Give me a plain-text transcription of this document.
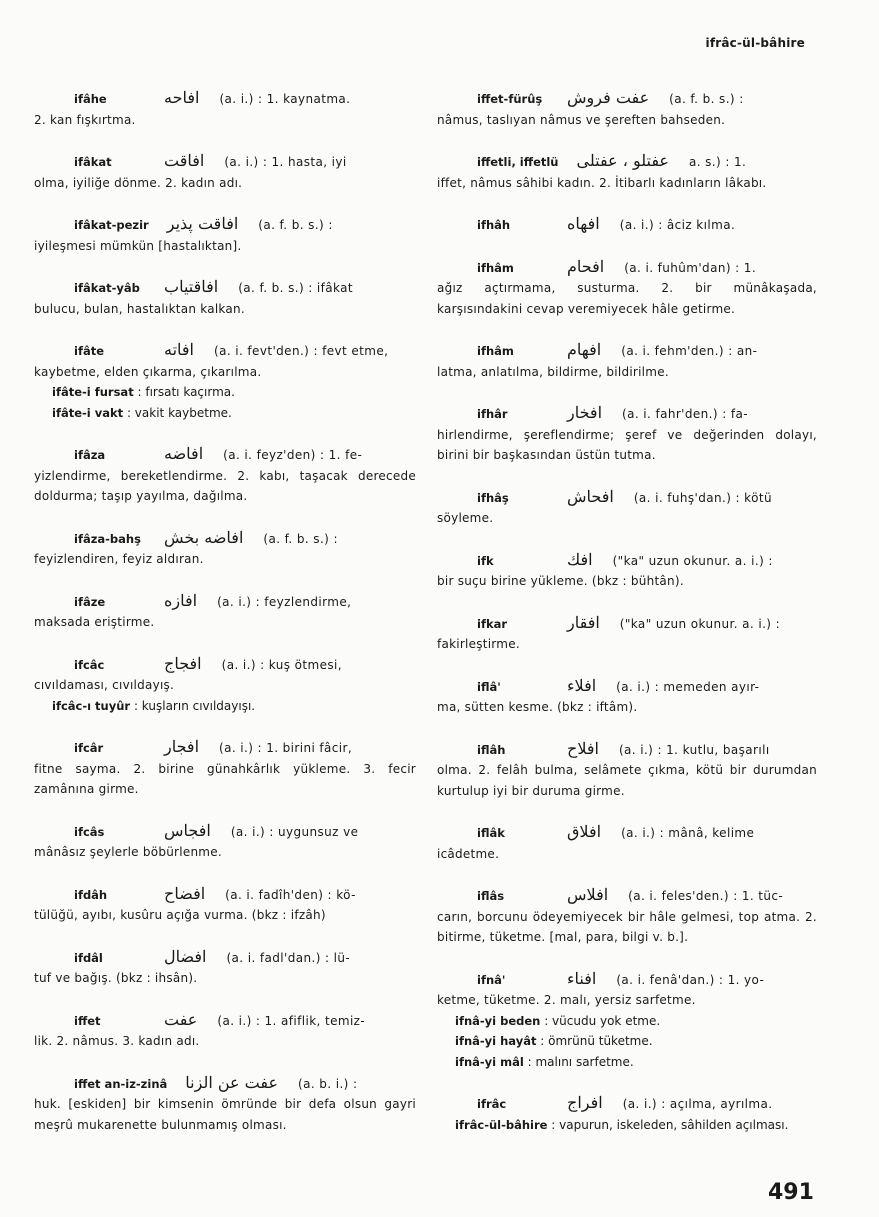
ifrâc-ül-bâhire
ifâhe	افاحه (a. i.) : 1. kaynatma.
2. kan fışkırtma.
ifâkat	افاقت (a. i.) : 1. hasta, iyi
olma, iyiliğe dönme. 2. kadın adı.
ifâkat-pezir افاقت پذیر (a. f. b. s.) :
iyileşmesi mümkün [hastalıktan].
ifâkat-yâb	افاقتیاب (a. f. b. s.) : ifâkat
bulucu, bulan, hastalıktan kalkan.
ifâte	افاته (a. i. fevt'den.) : fevt etme,
kaybetme, elden çıkarma, çıkarılma.
ifâte-i fursat : fırsatı kaçırma.
ifâte-i vakt : vakit kaybetme.
ifâza	افاضه (a. i. feyz'den) : 1. fe-
yizlendirme, bereketlendirme. 2. kabı, taşacak derecede doldurma; taşıp yayılma, dağılma.
ifâza-bahş	افاضه بخش (a. f. b. s.) :
feyizlendiren, feyiz aldıran.
ifâze	افازه (a. i.) : feyzlendirme,
maksada eriştirme.
ifcâc	افجاج (a. i.) : kuş ötmesi,
cıvıldaması, cıvıldayış.
ifcâc-ı tuyûr : kuşların cıvıldayışı.
ifcâr	افجار (a. i.) : 1. birini fâcir,
fitne sayma. 2. birine günahkârlık yükleme. 3. fecir zamânına girme.
ifcâs	افجاس (a. i.) : uygunsuz ve
mânâsız şeylerle böbürlenme.
ifdâh	افضاح (a. i. fadîh'den) : kö-
tülüğü, ayıbı, kusûru açığa vurma. (bkz : ifzâh)
ifdâl	افضال (a. i. fadl'dan.) : lü-
tuf ve bağış. (bkz : ihsân).
iffet	عفت (a. i.) : 1. afiflik, temiz-
lik. 2. nâmus. 3. kadın adı.
iffet an-iz-zinâ عفت عن الزنا (a. b. i.) :
huk. [eskiden] bir kimsenin ömründe bir defa olsun gayri meşrû mukarenette bulunmamış olması.
iffet-fürûş	عفت فروش (a. f. b. s.) :
nâmus, taslıyan nâmus ve şereften bahseden.
iffetli, iffetlü عفتلو ، عفتلى a. s.) : 1.
iffet, nâmus sâhibi kadın. 2. İtibarlı kadınların lâkabı.
ifhâh	افهاه (a. i.) : âciz kılma.
ifhâm	افحام (a. i. fuhûm'dan) : 1.
ağız açtırmama, susturma. 2. bir münâkaşada, karşısındakini cevap veremiyecek hâle getirme.
ifhâm	افهام (a. i. fehm'den.) : an-
latma, anlatılma, bildirme, bildirilme.
ifhâr	افخار (a. i. fahr'den.) : fa-
hirlendirme, şereflendirme; şeref ve değerinden dolayı, birini bir başkasından üstün tutma.
ifhâş	افحاش (a. i. fuhş'dan.) : kötü
söyleme.
ifk	افك ("ka" uzun okunur. a. i.) :
bir suçu birine yükleme. (bkz : bühtân).
ifkar	افقار ("ka" uzun okunur. a. i.) :
fakirleştirme.
iflâ'	افلاء (a. i.) : memeden ayır-
ma, sütten kesme. (bkz : iftâm).
iflâh	افلاح (a. i.) : 1. kutlu, başarılı
olma. 2. felâh bulma, selâmete çıkma, kötü bir durumdan kurtulup iyi bir duruma girme.
iflâk	افلاق (a. i.) : mânâ, kelime
icâdetme.
iflâs	افلاس (a. i. feles'den.) : 1. tüc-
carın, borcunu ödeyemiyecek bir hâle gelmesi, top atma. 2. bitirme, tüketme. [mal, para, bilgi v. b.].
ifnâ'	افناء (a. i. fenâ'dan.) : 1. yo-
ketme, tüketme. 2. malı, yersiz sarfetme.
ifnâ-yi beden : vücudu yok etme.
ifnâ-yi hayât : ömrünü tüketme.
ifnâ-yi mâl : malını sarfetme.
ifrâc	افراج (a. i.) : açılma, ayrılma.
ifrâc-ül-bâhire : vapurun, iskeleden, sâhilden açılması.
491
